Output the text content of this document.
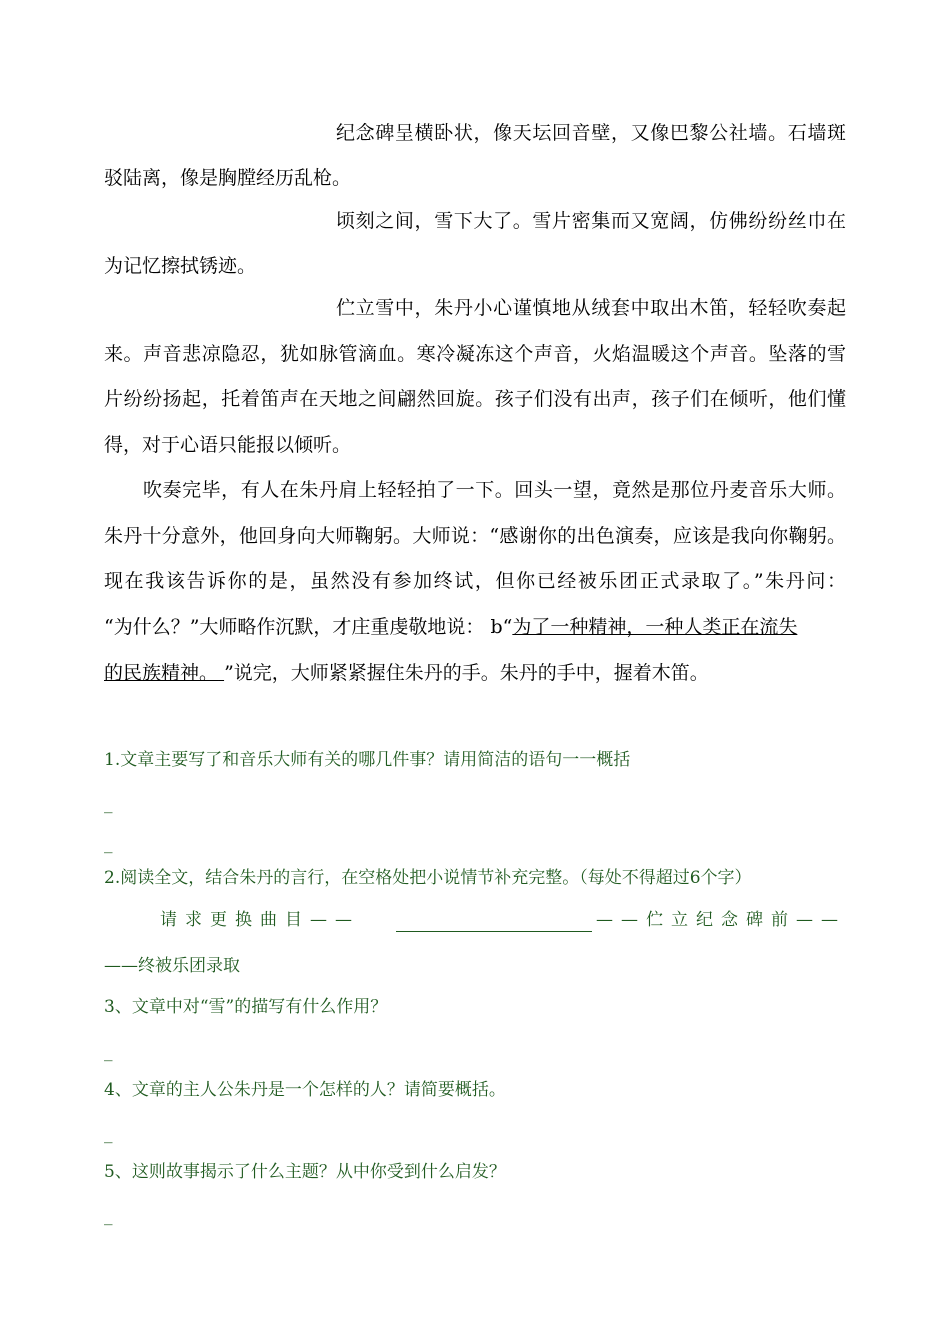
纪念碑呈横卧状，像天坛回音壁，又像巴黎公社墙。石墙斑
驳陆离，像是胸膛经历乱枪。
顷刻之间，雪下大了。雪片密集而又宽阔，仿佛纷纷丝巾在
为记忆擦拭锈迹。
伫立雪中，朱丹小心谨慎地从绒套中取出木笛，轻轻吹奏起
来。声音悲凉隐忍，犹如脉管滴血。寒冷凝冻这个声音，火焰温暖这个声音。坠落的雪
片纷纷扬起，托着笛声在天地之间翩然回旋。孩子们没有出声，孩子们在倾听，他们懂
得，对于心语只能报以倾听。
吹奏完毕，有人在朱丹肩上轻轻拍了一下。回头一望，竟然是那位丹麦音乐大师。
朱丹十分意外，他回身向大师鞠躬。大师说：“感谢你的出色演奏，应该是我向你鞠躬。
现在我该告诉你的是，虽然没有参加终试，但你已经被乐团正式录取了。”朱丹问：
“为什么？”大师略作沉默，才庄重虔敬地说： b“为了一种精神，一种人类正在流失
的民族精神。 ”说完，大师紧紧握住朱丹的手。朱丹的手中，握着木笛。
1.文章主要写了和音乐大师有关的哪几件事？请用简洁的语句一一概括
_
_
2.阅读全文，结合朱丹的言行，在空格处把小说情节补充完整。（每处不得超过6个字）
请求更换曲目——	——伫立纪念碑前——
——终被乐团录取
3、文章中对“雪”的描写有什么作用？
_
4、文章的主人公朱丹是一个怎样的人？请简要概括。
_
5、这则故事揭示了什么主题？从中你受到什么启发？
_
